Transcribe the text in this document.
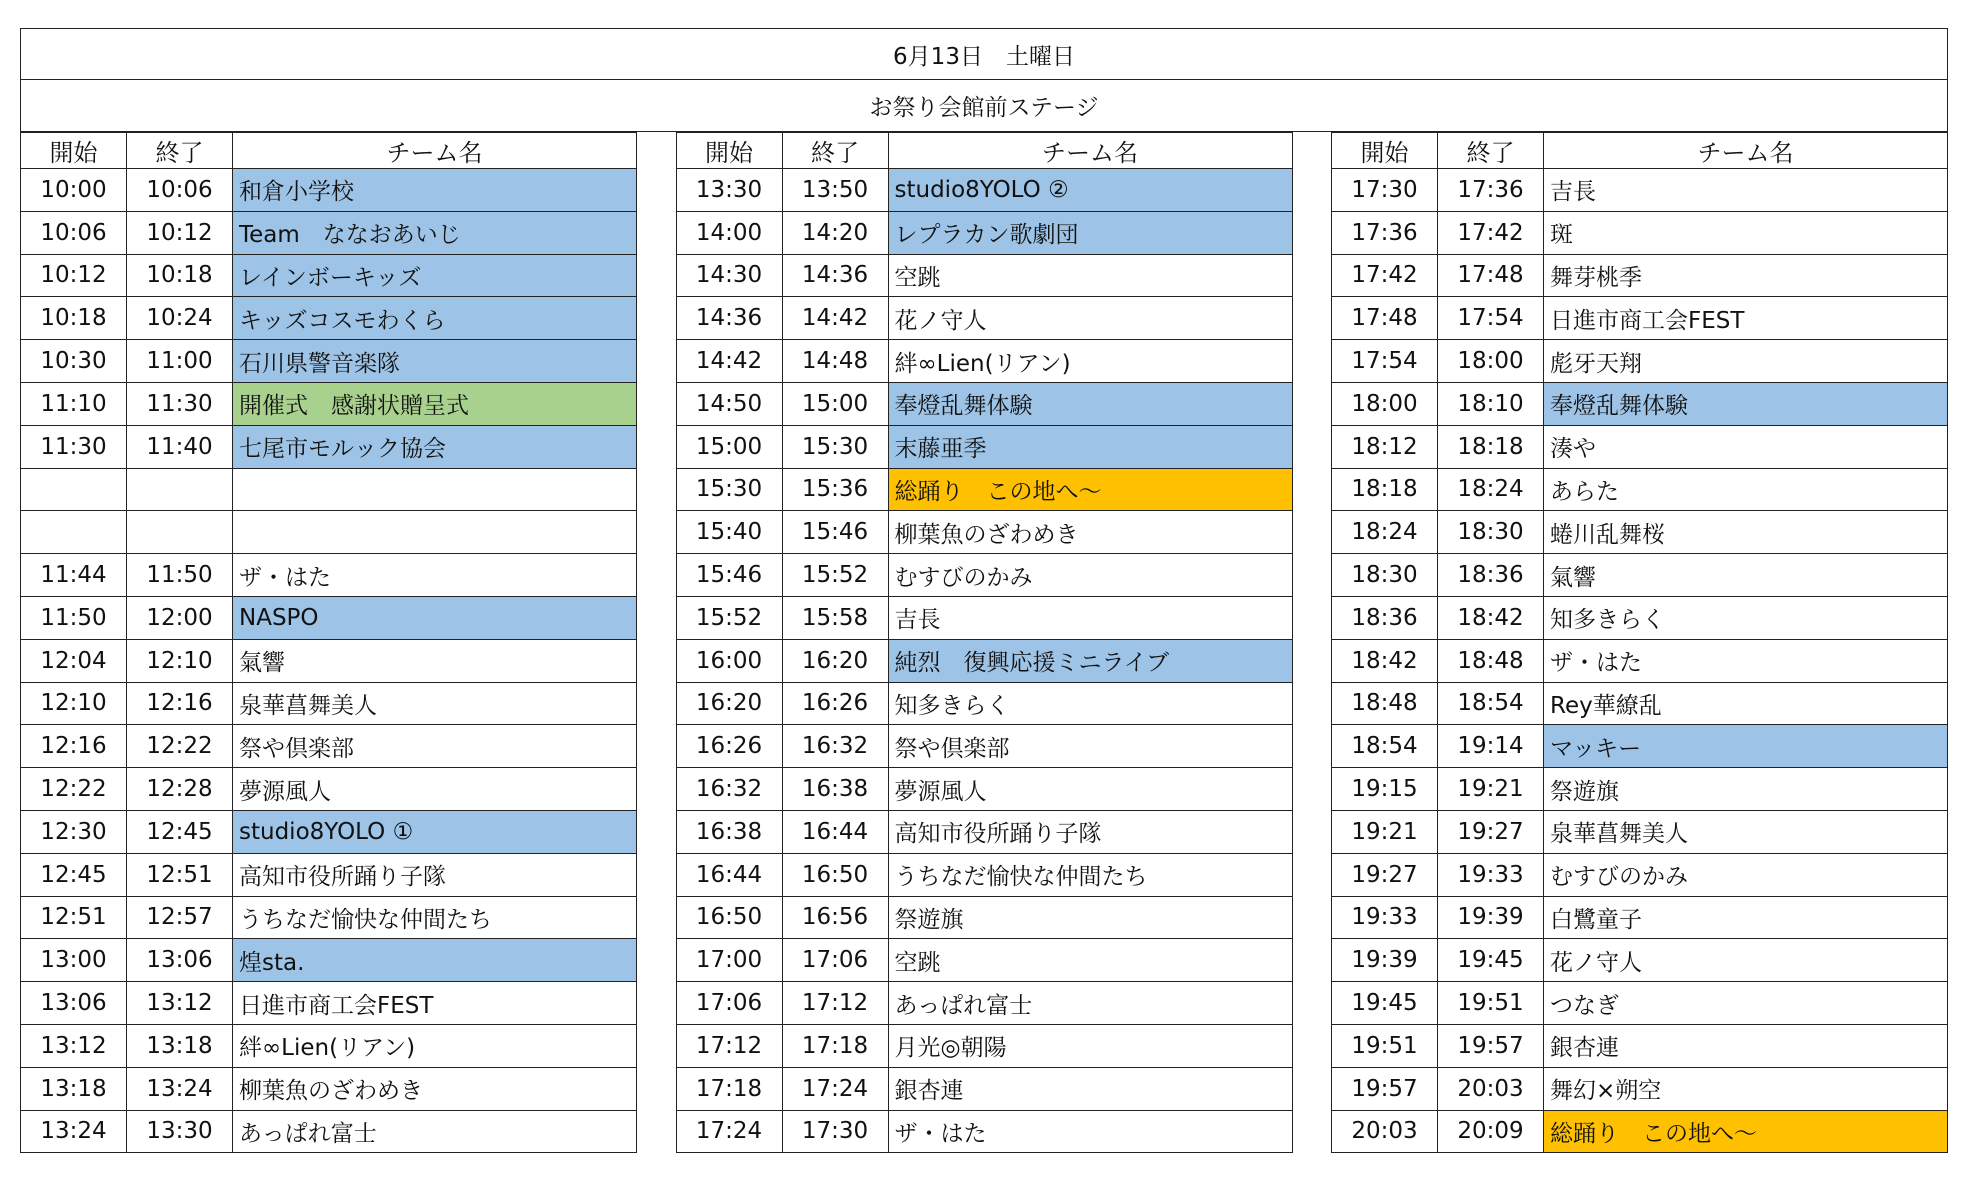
6月13日　土曜日
お祭り会館前ステージ
開始	終了	チーム名
10:00	10:06	和倉小学校
10:06	10:12	Team　ななおあいじ
10:12	10:18	レインボーキッズ
10:18	10:24	キッズコスモわくら
10:30	11:00	石川県警音楽隊
11:10	11:30	開催式　感謝状贈呈式
11:30	11:40	七尾市モルック協会

11:44	11:50	ザ・はた
11:50	12:00	NASPO
12:04	12:10	氣響
12:10	12:16	泉華菖舞美人
12:16	12:22	祭や倶楽部
12:22	12:28	夢源風人
12:30	12:45	studio8YOLO ①
12:45	12:51	高知市役所踊り子隊
12:51	12:57	うちなだ愉快な仲間たち
13:00	13:06	煌sta.
13:06	13:12	日進市商工会FEST
13:12	13:18	絆∞Lien(リアン)
13:18	13:24	柳葉魚のざわめき
13:24	13:30	あっぱれ富士
開始	終了	チーム名
13:30	13:50	studio8YOLO ②
14:00	14:20	レプラカン歌劇団
14:30	14:36	空跳
14:36	14:42	花ノ守人
14:42	14:48	絆∞Lien(リアン)
14:50	15:00	奉燈乱舞体験
15:00	15:30	末藤亜季
15:30	15:36	総踊り　この地へ～
15:40	15:46	柳葉魚のざわめき
15:46	15:52	むすびのかみ
15:52	15:58	吉長
16:00	16:20	純烈　復興応援ミニライブ
16:20	16:26	知多きらく
16:26	16:32	祭や倶楽部
16:32	16:38	夢源風人
16:38	16:44	高知市役所踊り子隊
16:44	16:50	うちなだ愉快な仲間たち
16:50	16:56	祭遊旗
17:00	17:06	空跳
17:06	17:12	あっぱれ富士
17:12	17:18	月光◎朝陽
17:18	17:24	銀杏連
17:24	17:30	ザ・はた
開始	終了	チーム名
17:30	17:36	吉長
17:36	17:42	斑
17:42	17:48	舞芽桃季
17:48	17:54	日進市商工会FEST
17:54	18:00	彪牙天翔
18:00	18:10	奉燈乱舞体験
18:12	18:18	湊や
18:18	18:24	あらた
18:24	18:30	蜷川乱舞桜
18:30	18:36	氣響
18:36	18:42	知多きらく
18:42	18:48	ザ・はた
18:48	18:54	Rey華繚乱
18:54	19:14	マッキー
19:15	19:21	祭遊旗
19:21	19:27	泉華菖舞美人
19:27	19:33	むすびのかみ
19:33	19:39	白鷺童子
19:39	19:45	花ノ守人
19:45	19:51	つなぎ
19:51	19:57	銀杏連
19:57	20:03	舞幻×朔空
20:03	20:09	総踊り　この地へ～
